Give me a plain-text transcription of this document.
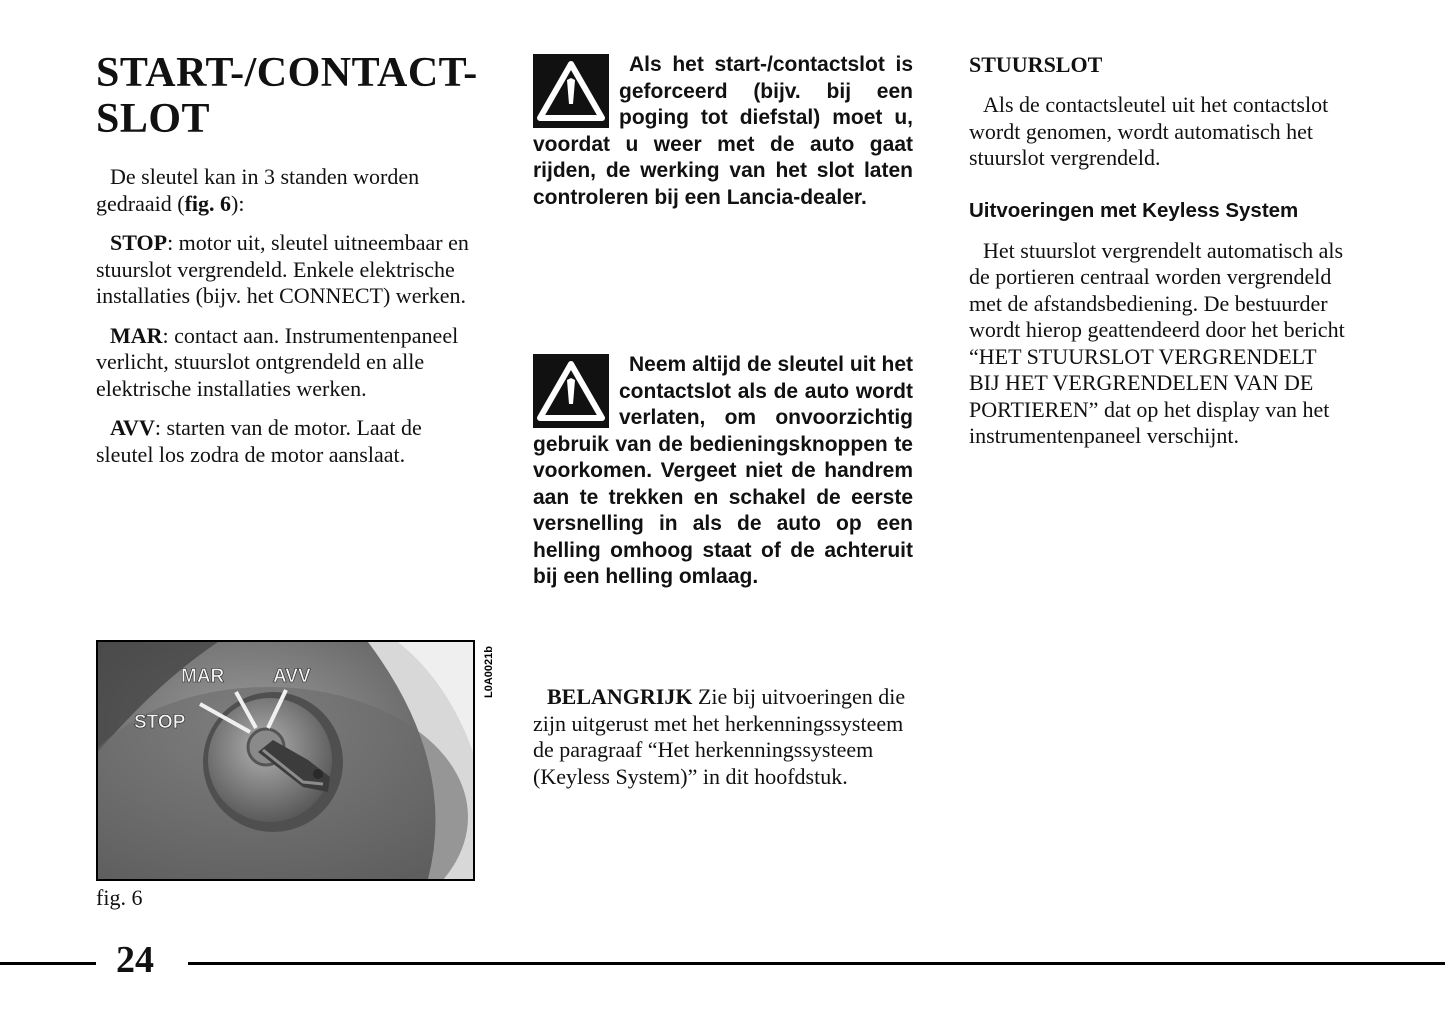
START-/CONTACT-
SLOT

De sleutel kan in 3 standen worden gedraaid (fig. 6):

STOP: motor uit, sleutel uitneembaar en stuurslot vergrendeld. Enkele elektrische installaties (bijv. het CONNECT) werken.

MAR: contact aan. Instrumentenpaneel verlicht, stuurslot ontgrendeld en alle elektrische installaties werken.

AVV: starten van de motor. Laat de sleutel los zodra de motor aanslaat.

MAR	AVV
STOP
L0A0021b
fig. 6
Als het start-/contactslot is geforceerd (bijv. bij een poging tot diefstal) moet u, voordat u weer met de auto gaat rijden, de werking van het slot laten controleren bij een Lancia-dealer.
Neem altijd de sleutel uit het contactslot als de auto wordt verlaten, om onvoorzichtig gebruik van de bedieningsknoppen te voorkomen. Vergeet niet de handrem aan te trekken en schakel de eerste versnelling in als de auto op een helling omhoog staat of de achteruit bij een helling omlaag.

BELANGRIJK Zie bij uitvoeringen die zijn uitgerust met het herkenningssysteem de paragraaf “Het herkenningssysteem (Keyless System)” in dit hoofdstuk.

STUURSLOT

Als de contactsleutel uit het contactslot wordt genomen, wordt automatisch het stuurslot vergrendeld.

Uitvoeringen met Keyless System

Het stuurslot vergrendelt automatisch als de portieren centraal worden vergrendeld met de afstandsbediening. De bestuurder wordt hierop geattendeerd door het bericht “HET STUURSLOT VERGRENDELT BIJ HET VERGRENDELEN VAN DE PORTIEREN” dat op het display van het instrumentenpaneel verschijnt.

24
